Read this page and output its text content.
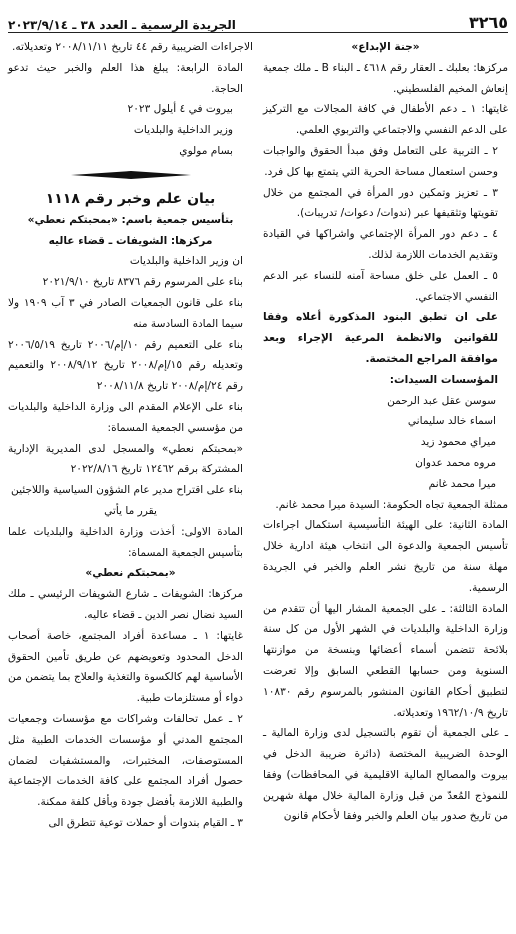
٣٢٦٥
الجريدة الرسمية ـ العدد ٣٨ ـ ٢٠٢٣/٩/١٤

«جنة الإبداع»

مركزها: بعلبك ـ العقار رقم ٤٦١٨ ـ البناء B ـ ملك جمعية إنعاش المخيم الفلسطيني.

غايتها: ١ ـ دعم الأطفال في كافة المجالات مع التركيز على الدعم النفسي والاجتماعي والتربوي العلمي.

٢ ـ التربية على التعامل وفق مبدأ الحقوق والواجبات وحسن استعمال مساحة الحرية التي يتمتع بها كل فرد.

٣ ـ تعزيز وتمكين دور المرأة في المجتمع من خلال تقويتها وتثقيفها عبر (ندوات/ دعوات/ تدريبات).

٤ ـ دعم دور المرأة الإجتماعي واشراكها في القيادة وتقديم الخدمات اللازمة لذلك.

٥ ـ العمل على خلق مساحة آمنه للنساء عبر الدعم النفسي الاجتماعي.

على ان تطبق البنود المذكورة أعلاه وفقا للقوانين والانظمة المرعية الإجراء وبعد موافقة المراجع المختصة.

المؤسسات السيدات:

سوسن عقل عبد الرحمن

اسماء خالد سليماني

ميراي محمود زيد

مروه محمد عدوان

ميرا محمد غانم

ممثلة الجمعية تجاه الحكومة: السيدة ميرا محمد غانم.

المادة الثانية: على الهيئة التأسيسية استكمال اجراءات تأسيس الجمعية والدعوة الى انتخاب هيئة ادارية خلال مهلة سنة من تاريخ نشر العلم والخبر في الجريدة الرسمية.

المادة الثالثة: ـ على الجمعية المشار اليها أن تتقدم من وزارة الداخلية والبلديات في الشهر الأول من كل سنة بلائحة تتضمن أسماء أعضائها وبنسخة من موازنتها السنوية ومن حسابها القطعي السابق وإلا تعرضت لتطبيق أحكام القانون المنشور بالمرسوم رقم ١٠٨٣٠ تاريخ ١٩٦٢/١٠/٩ وتعديلاته.

ـ على الجمعية أن تقوم بالتسجيل لدى وزارة المالية ـ الوحدة الضريبية المختصة (دائرة ضريبة الدخل في بيروت والمصالح المالية الاقليمية في المحافظات) وفقا للنموذج المُعدّ من قبل وزارة المالية خلال مهلة شهرين من تاريخ صدور بيان العلم والخبر وفقا لأحكام قانون

الاجراءات الضريبية رقم ٤٤ تاريخ ٢٠٠٨/١١/١١ وتعديلاته.

المادة الرابعة: يبلغ هذا العلم والخبر حيث تدعو الحاجة.

بيروت في ٤ أيلول ٢٠٢٣

وزير الداخلية والبلديات

بسام مولوي

بيان علم وخبر رقم ١١١٨

بتأسيس جمعية باسم: «بمحبتكم نعطي»

مركزها: الشويفات ـ قضاء عاليه

ان وزير الداخلية والبلديات

بناء على المرسوم رقم ٨٣٧٦ تاريخ ٢٠٢١/٩/١٠

بناء على قانون الجمعيات الصادر في ٣ آب ١٩٠٩ ولا سيما المادة السادسة منه

بناء على التعميم رقم ١٠/إم/٢٠٠٦ تاريخ ٢٠٠٦/٥/١٩ وتعديله رقم ١٥/إم/٢٠٠٨ تاريخ ٢٠٠٨/٩/١٢ والتعميم رقم ٢٤/إم/٢٠٠٨ تاريخ ٢٠٠٨/١١/٨

بناء على الإعلام المقدم الى وزارة الداخلية والبلديات من مؤسسي الجمعية المسماة:

«بمحبتكم نعطي» والمسجل لدى المديرية الإدارية المشتركة برقم ١٢٤٦٢ تاريخ ٢٠٢٢/٨/١٦

بناء على اقتراح مدير عام الشؤون السياسية واللاجئين

يقرر ما يأتي

المادة الاولى: أخذت وزارة الداخلية والبلديات علما بتأسيس الجمعية المسماة:

«بمحبتكم نعطي»

مركزها: الشويفات ـ شارع الشويفات الرئيسي ـ ملك السيد نضال نصر الدين ـ قضاء عاليه.

غايتها: ١ ـ مساعدة أفراد المجتمع، خاصة أصحاب الدخل المحدود وتعويضهم عن طريق تأمين الحقوق الأساسية لهم كالكسوة والتغذية والعلاج بما يتضمن من دواء أو مستلزمات طبية.

٢ ـ عمل تحالفات وشراكات مع مؤسسات وجمعيات المجتمع المدني أو مؤسسات الخدمات الطبية مثل المستوصفات، المختبرات، والمستشفيات لضمان حصول أفراد المجتمع على كافة الخدمات الإجتماعية والطبية اللازمة بأفضل جودة وبأقل كلفة ممكنة.

٣ ـ القيام بندوات أو حملات توعية تتطرق الى
